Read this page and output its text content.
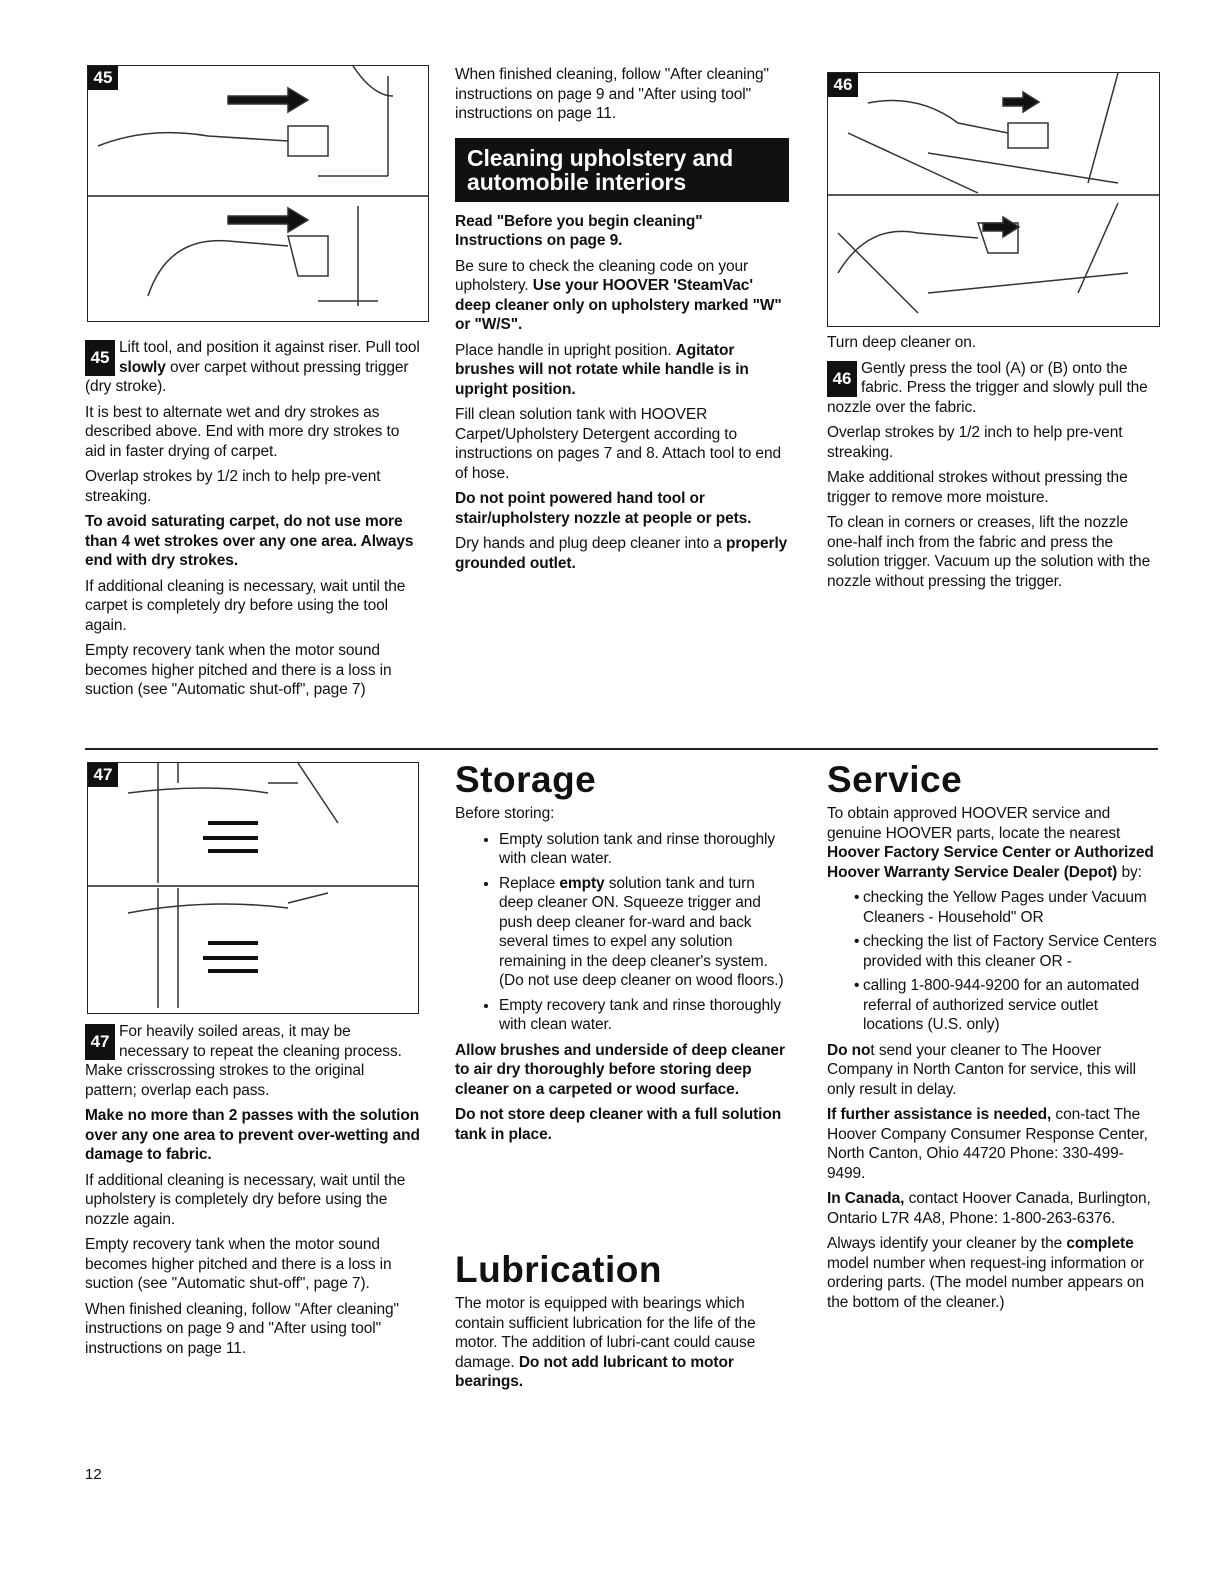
45
45

Lift tool, and position it against riser. Pull tool slowly over carpet without pressing trigger (dry stroke).

It is best to alternate wet and dry strokes as described above. End with more dry strokes to aid in faster drying of carpet.

Overlap strokes by 1/2 inch to help pre-vent streaking.

To avoid saturating carpet, do not use more than 4 wet strokes over any one area. Always end with dry strokes.

If additional cleaning is necessary, wait until the carpet is completely dry before using the tool again.

Empty recovery tank when the motor sound becomes higher pitched and there is a loss in suction (see "Automatic shut-off", page 7)

When finished cleaning, follow "After cleaning" instructions on page 9 and "After using tool" instructions on page 11.

Cleaning upholstery and automobile interiors

Read "Before you begin cleaning" Instructions on page 9.

Be sure to check the cleaning code on your upholstery. Use your HOOVER 'SteamVac' deep cleaner only on upholstery marked "W" or "W/S".

Place handle in upright position. Agitator brushes will not rotate while handle is in upright position.

Fill clean solution tank with HOOVER Carpet/Upholstery Detergent according to instructions on pages 7 and 8. Attach tool to end of hose.

Do not point powered hand tool or stair/upholstery nozzle at people or pets.

Dry hands and plug deep cleaner into a properly grounded outlet.

46

Turn deep cleaner on.

46
Gently press the tool (A) or (B) onto the fabric. Press the trigger and slowly pull the nozzle over the fabric.

Overlap strokes by 1/2 inch to help pre-vent streaking.

Make additional strokes without pressing the trigger to remove more moisture.

To clean in corners or creases, lift the nozzle one-half inch from the fabric and press the solution trigger. Vacuum up the solution with the nozzle without pressing the trigger.

47
47

For heavily soiled areas, it may be necessary to repeat the cleaning process. Make crisscrossing strokes to the original pattern; overlap each pass.

Make no more than 2 passes with the solution over any one area to prevent over-wetting and damage to fabric.

If additional cleaning is necessary, wait until the upholstery is completely dry before using the nozzle again.

Empty recovery tank when the motor sound becomes higher pitched and there is a loss in suction (see "Automatic shut-off", page 7).

When finished cleaning, follow "After cleaning" instructions on page 9 and "After using tool" instructions on page 11.

Storage

Before storing:

• Empty solution tank and rinse thoroughly with clean water.
• Replace empty solution tank and turn deep cleaner ON. Squeeze trigger and push deep cleaner for-ward and back several times to expel any solution remaining in the deep cleaner's system. (Do not use deep cleaner on wood floors.)
• Empty recovery tank and rinse thoroughly with clean water.

Allow brushes and underside of deep cleaner to air dry thoroughly before storing deep cleaner on a carpeted or wood surface.

Do not store deep cleaner with a full solution tank in place.

Lubrication

The motor is equipped with bearings which contain sufficient lubrication for the life of the motor. The addition of lubri-cant could cause damage. Do not add lubricant to motor bearings.

Service

To obtain approved HOOVER service and genuine HOOVER parts, locate the nearest Hoover Factory Service Center or Authorized Hoover Warranty Service Dealer (Depot) by:

• checking the Yellow Pages under Vacuum Cleaners - Household" OR
• checking the list of Factory Service Centers provided with this cleaner OR -
• calling 1-800-944-9200 for an automated referral of authorized service outlet locations (U.S. only)

Do not send your cleaner to The Hoover Company in North Canton for service, this will only result in delay.

If further assistance is needed, con-tact The Hoover Company Consumer Response Center, North Canton, Ohio 44720 Phone: 330-499-9499.

In Canada, contact Hoover Canada, Burlington, Ontario L7R 4A8, Phone: 1-800-263-6376.

Always identify your cleaner by the complete model number when request-ing information or ordering parts. (The model number appears on the bottom of the cleaner.)

12
